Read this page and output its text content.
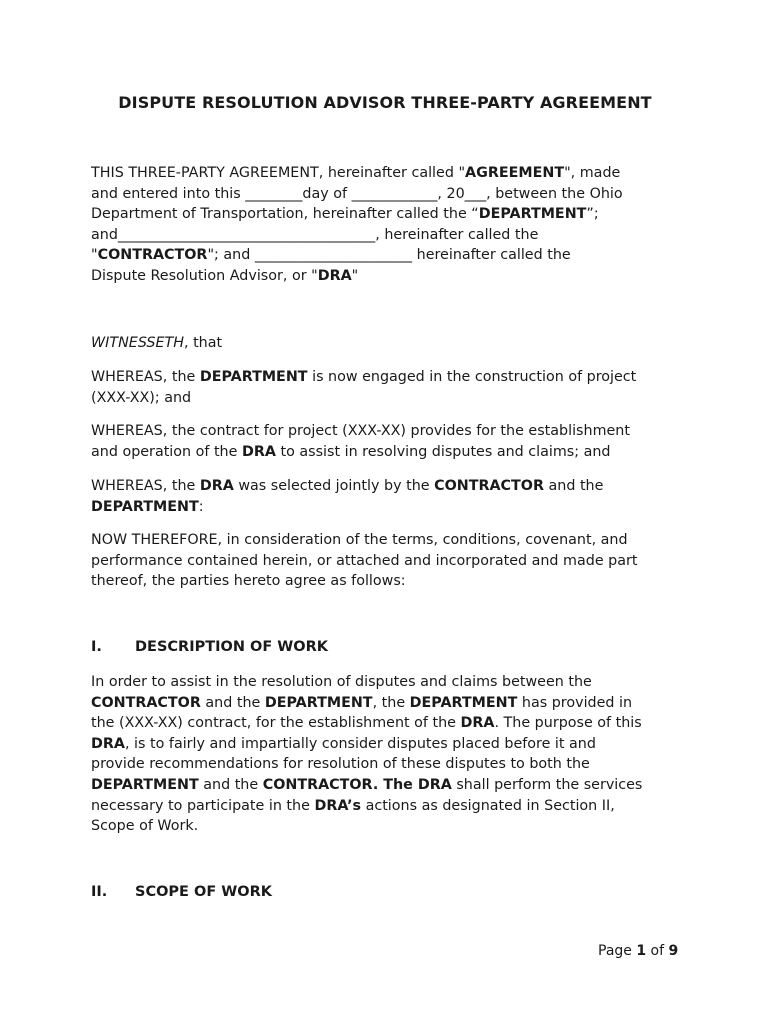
DISPUTE RESOLUTION ADVISOR THREE-PARTY AGREEMENT
THIS THREE-PARTY AGREEMENT, hereinafter called "AGREEMENT", made
and entered into this ________day of ____________, 20___, between the Ohio
Department of Transportation, hereinafter called the “DEPARTMENT”;
and____________________________________, hereinafter called the
"CONTRACTOR"; and ______________________ hereinafter called the
Dispute Resolution Advisor, or "DRA"
WITNESSETH, that
WHEREAS, the DEPARTMENT is now engaged in the construction of project
(XXX-XX); and
WHEREAS, the contract for project (XXX-XX) provides for the establishment
and operation of the DRA to assist in resolving disputes and claims; and
WHEREAS, the DRA was selected jointly by the CONTRACTOR and the
DEPARTMENT:
NOW THEREFORE, in consideration of the terms, conditions, covenant, and
performance contained herein, or attached and incorporated and made part
thereof, the parties hereto agree as follows:
I. DESCRIPTION OF WORK
In order to assist in the resolution of disputes and claims between the
CONTRACTOR and the DEPARTMENT, the DEPARTMENT has provided in
the (XXX-XX) contract, for the establishment of the DRA. The purpose of this
DRA, is to fairly and impartially consider disputes placed before it and
provide recommendations for resolution of these disputes to both the
DEPARTMENT and the CONTRACTOR. The DRA shall perform the services
necessary to participate in the DRA’s actions as designated in Section II,
Scope of Work.
II. SCOPE OF WORK
Page 1 of 9
